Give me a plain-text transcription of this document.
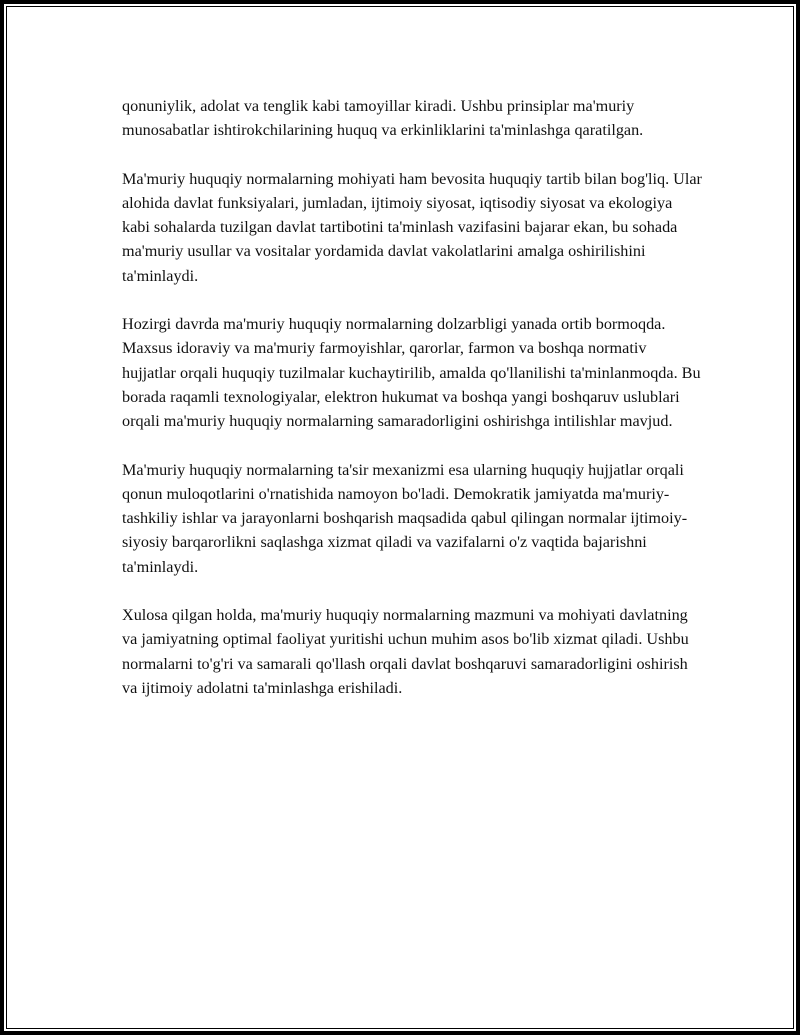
qonuniylik, adolat va tenglik kabi tamoyillar kiradi. Ushbu prinsiplar ma'muriy munosabatlar ishtirokchilarining huquq va erkinliklarini ta'minlashga qaratilgan.

Ma'muriy huquqiy normalarning mohiyati ham bevosita huquqiy tartib bilan bog'liq. Ular alohida davlat funksiyalari, jumladan, ijtimoiy siyosat, iqtisodiy siyosat va ekologiya kabi sohalarda tuzilgan davlat tartibotini ta'minlash vazifasini bajarar ekan, bu sohada ma'muriy usullar va vositalar yordamida davlat vakolatlarini amalga oshirilishini ta'minlaydi.

Hozirgi davrda ma'muriy huquqiy normalarning dolzarbligi yanada ortib bormoqda. Maxsus idoraviy va ma'muriy farmoyishlar, qarorlar, farmon va boshqa normativ hujjatlar orqali huquqiy tuzilmalar kuchaytirilib, amalda qo'llanilishi ta'minlanmoqda. Bu borada raqamli texnologiyalar, elektron hukumat va boshqa yangi boshqaruv uslublari orqali ma'muriy huquqiy normalarning samaradorligini oshirishga intilishlar mavjud.

Ma'muriy huquqiy normalarning ta'sir mexanizmi esa ularning huquqiy hujjatlar orqali qonun muloqotlarini o'rnatishida namoyon bo'ladi. Demokratik jamiyatda ma'muriy-tashkiliy ishlar va jarayonlarni boshqarish maqsadida qabul qilingan normalar ijtimoiy-siyosiy barqarorlikni saqlashga xizmat qiladi va vazifalarni o'z vaqtida bajarishni ta'minlaydi.

Xulosa qilgan holda, ma'muriy huquqiy normalarning mazmuni va mohiyati davlatning va jamiyatning optimal faoliyat yuritishi uchun muhim asos bo'lib xizmat qiladi. Ushbu normalarni to'g'ri va samarali qo'llash orqali davlat boshqaruvi samaradorligini oshirish va ijtimoiy adolatni ta'minlashga erishiladi.
